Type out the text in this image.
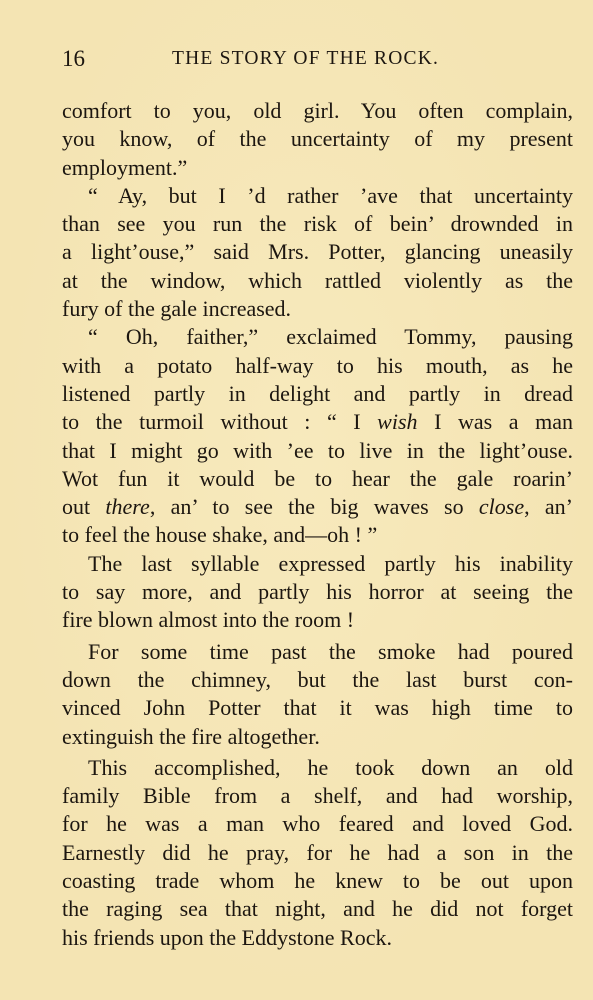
16	THE STORY OF THE ROCK.
comfort to you, old girl. You often complain,
you know, of the uncertainty of my present
employment.”
“ Ay, but I ’d rather ’ave that uncertainty
than see you run the risk of bein’ drownded in
a light’ouse,” said Mrs. Potter, glancing uneasily
at the window, which rattled violently as the
fury of the gale increased.
“ Oh, faither,” exclaimed Tommy, pausing
with a potato half-way to his mouth, as he
listened partly in delight and partly in dread
to the turmoil without : “ I wish I was a man
that I might go with ’ee to live in the light’ouse.
Wot fun it would be to hear the gale roarin’
out there, an’ to see the big waves so close, an’
to feel the house shake, and—oh ! ”
The last syllable expressed partly his inability
to say more, and partly his horror at seeing the
fire blown almost into the room !
For some time past the smoke had poured
down the chimney, but the last burst con-
vinced John Potter that it was high time to
extinguish the fire altogether.
This accomplished, he took down an old
family Bible from a shelf, and had worship,
for he was a man who feared and loved God.
Earnestly did he pray, for he had a son in the
coasting trade whom he knew to be out upon
the raging sea that night, and he did not forget
his friends upon the Eddystone Rock.
